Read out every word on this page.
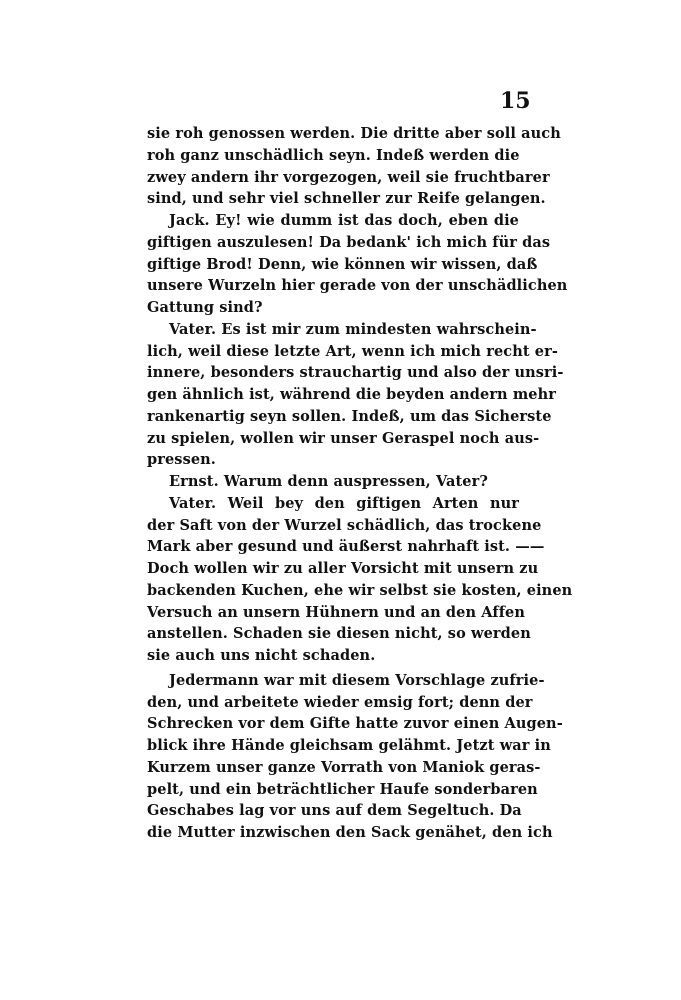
15
sie roh genossen werden. Die dritte aber soll auch
roh ganz unschädlich seyn. Indeß werden die
zwey andern ihr vorgezogen, weil sie fruchtbarer
sind, und sehr viel schneller zur Reife gelangen.
Jack. Ey! wie dumm ist das doch, eben die
giftigen auszulesen! Da bedank' ich mich für das
giftige Brod! Denn, wie können wir wissen, daß
unsere Wurzeln hier gerade von der unschädlichen
Gattung sind?
Vater. Es ist mir zum mindesten wahrschein-
lich, weil diese letzte Art, wenn ich mich recht er-
innere, besonders strauchartig und also der unsri-
gen ähnlich ist, während die beyden andern mehr
rankenartig seyn sollen. Indeß, um das Sicherste
zu spielen, wollen wir unser Geraspel noch aus-
pressen.
Ernst. Warum denn auspressen, Vater?
Vater. Weil bey den giftigen Arten nur
der Saft von der Wurzel schädlich, das trockene
Mark aber gesund und äußerst nahrhaft ist. ——
Doch wollen wir zu aller Vorsicht mit unsern zu
backenden Kuchen, ehe wir selbst sie kosten, einen
Versuch an unsern Hühnern und an den Affen
anstellen. Schaden sie diesen nicht, so werden
sie auch uns nicht schaden.
Jedermann war mit diesem Vorschlage zufrie-
den, und arbeitete wieder emsig fort; denn der
Schrecken vor dem Gifte hatte zuvor einen Augen-
blick ihre Hände gleichsam gelähmt. Jetzt war in
Kurzem unser ganze Vorrath von Maniok geras-
pelt, und ein beträchtlicher Haufe sonderbaren
Geschabes lag vor uns auf dem Segeltuch. Da
die Mutter inzwischen den Sack genähet, den ich
